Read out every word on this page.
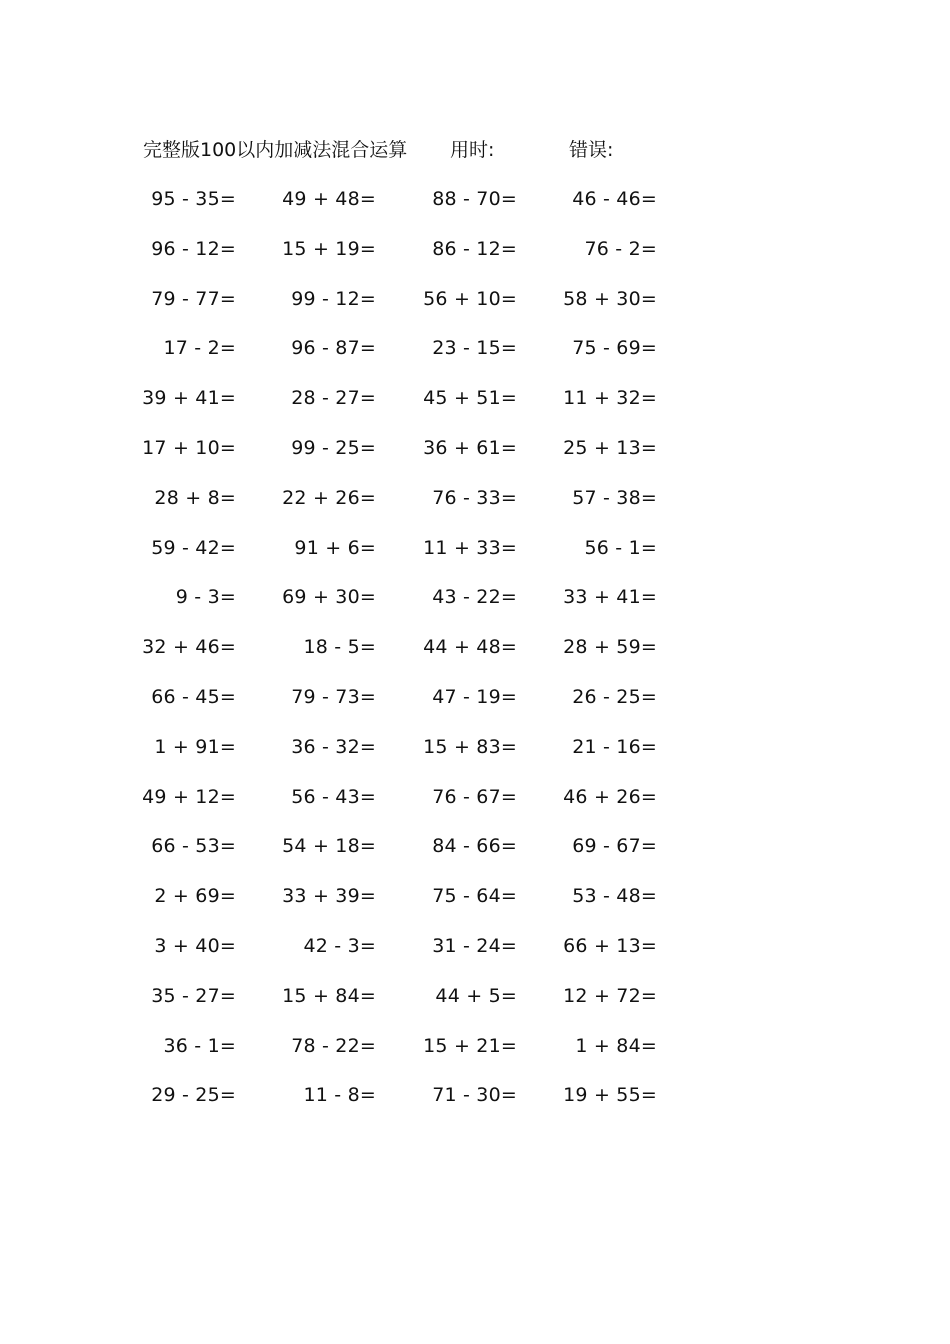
完整版100以内加减法混合运算 用时:	错误:
95 - 35= 49 + 48=	88 - 70=	46 - 46=
96 - 12= 15 + 19=	86 - 12=	76 - 2=
79 - 77=	99 - 12= 56 + 10= 58 + 30=
17 - 2=	96 - 87=	23 - 15=	75 - 69=
39 + 41=	28 - 27= 45 + 51= 11 + 32=
17 + 10=	99 - 25= 36 + 61= 25 + 13=
28 + 8= 22 + 26=	76 - 33=	57 - 38=
59 - 42=	91 + 6= 11 + 33=	56 - 1=
9 - 3= 69 + 30=	43 - 22= 33 + 41=
32 + 46=	18 - 5= 44 + 48= 28 + 59=
66 - 45=	79 - 73=	47 - 19=	26 - 25=
1 + 91=	36 - 32= 15 + 83=	21 - 16=
49 + 12=	56 - 43=	76 - 67= 46 + 26=
66 - 53= 54 + 18=	84 - 66=	69 - 67=
2 + 69= 33 + 39=	75 - 64=	53 - 48=
3 + 40=	42 - 3=	31 - 24= 66 + 13=
35 - 27= 15 + 84=	44 + 5= 12 + 72=
36 - 1=	78 - 22= 15 + 21=	1 + 84=
29 - 25=	11 - 8=	71 - 30= 19 + 55=
